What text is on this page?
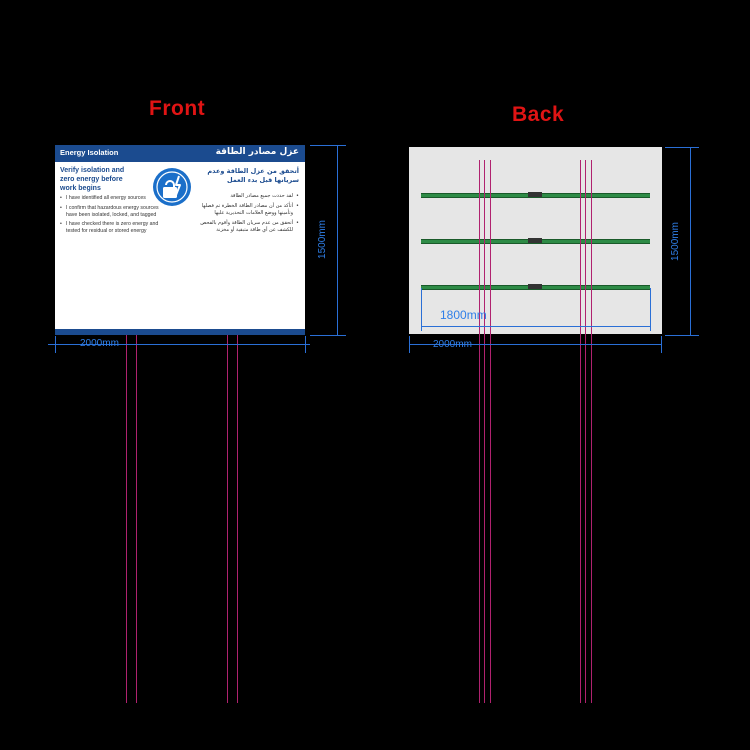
Front	Back
Energy Isolation	عزل مصادر الطاقة
Verify isolation and zero energy before work begins
• I have identified all energy sources
• I confirm that hazardous energy sources have been isolated, locked, and tagged
• I have checked there is zero energy and tested for residual or stored energy
أتحقق من عزل الطاقة وعدم سريانها قبل بدء العمل
• لقد حددت جميع مصادر الطاقة
• أتأكد من أن مصادر الطاقة الخطرة تم فصلها وتأمينها ووضع العلامات التحذيرية عليها
• أتحقق من عدم سريان الطاقة وأقوم بالفحص للكشف عن أي طاقة متبقية أو مخزنة
2000mm
1500mm
1800mm
2000mm
1500mm
